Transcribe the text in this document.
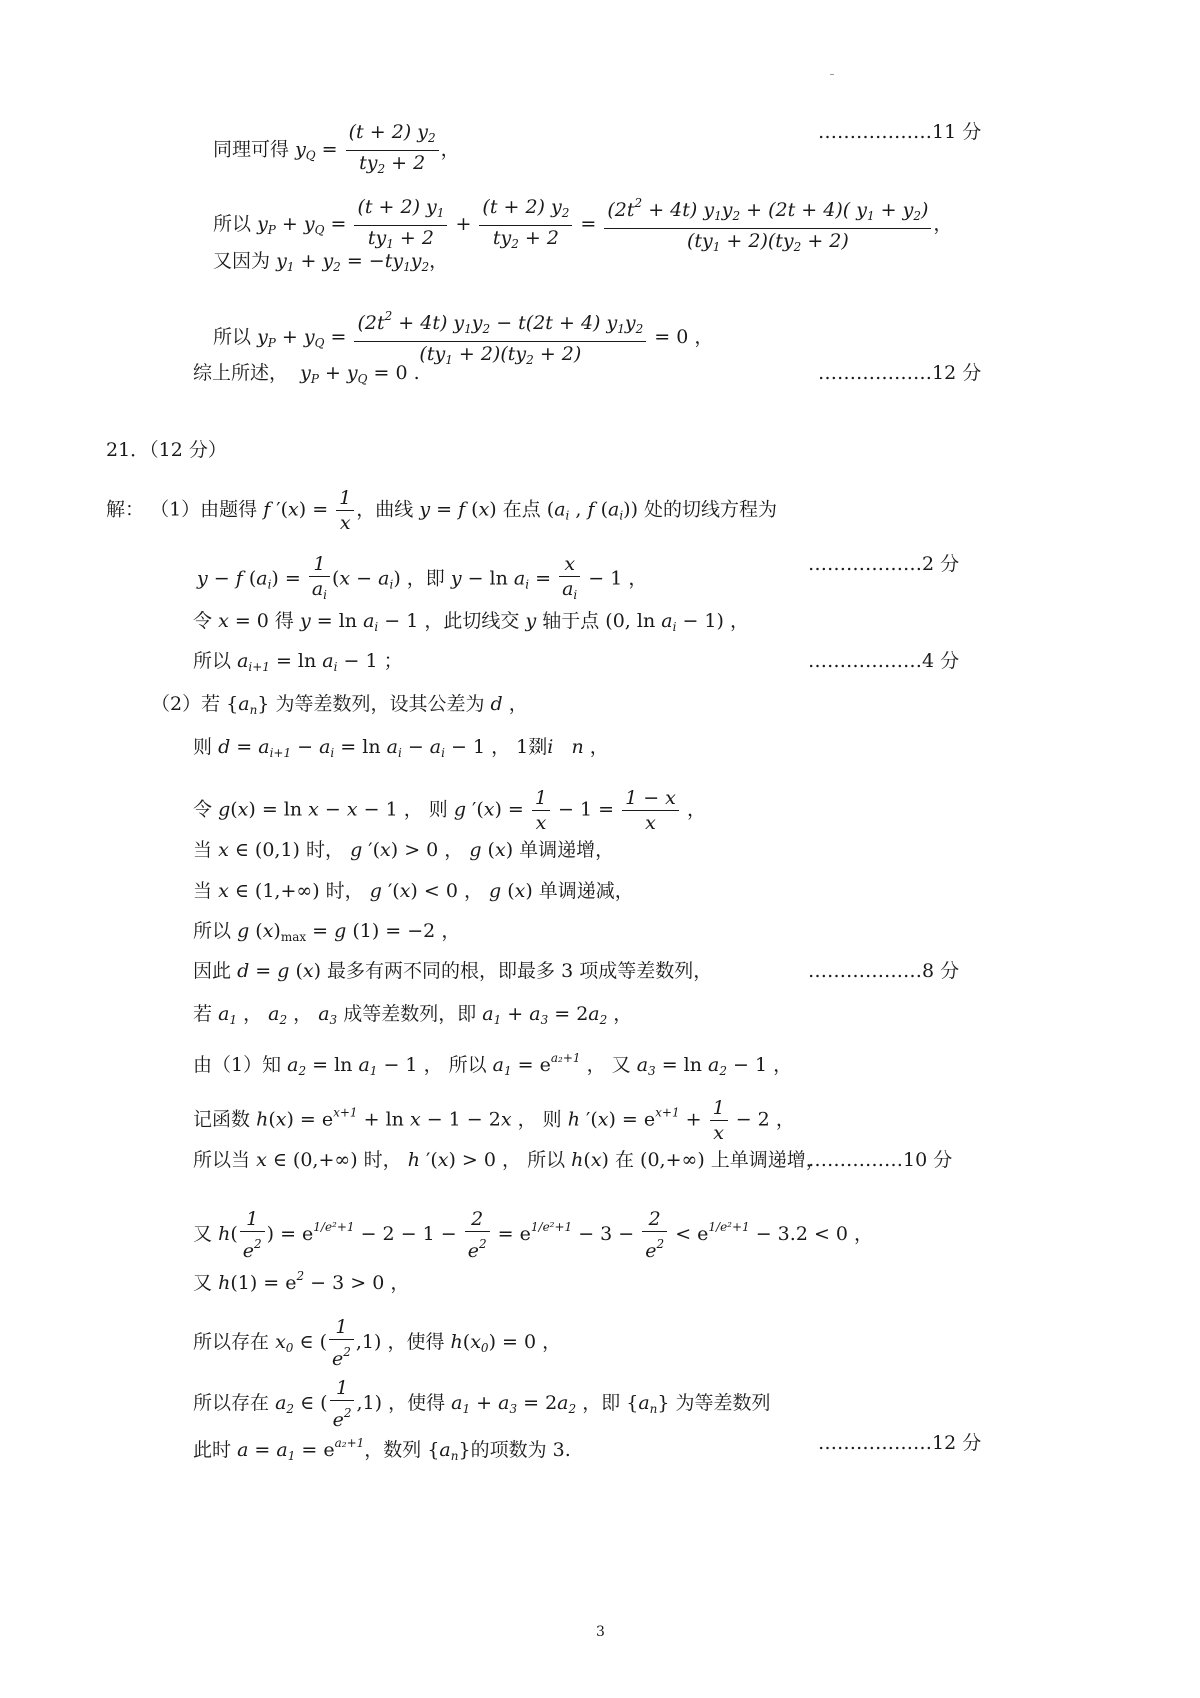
同理可得 $y_Q = \frac{(t + 2) y_2}{ty_2 + 2}$ ，
………………11 分
所以 $y_P + y_Q = \frac{(t + 2) y_1}{ty_1 + 2} + \frac{(t + 2) y_2}{ty_2 + 2} = \frac{(2t^2 + 4t) y_1y_2 + (2t + 4)( y_1 + y_2)}{(ty_1 + 2)(ty_2 + 2)}$ ，
又因为 $y_1 + y_2 = -ty_1y_2$，
所以 $y_P + y_Q = \frac{(2t^2 + 4t) y_1y_2 - t(2t + 4) y_1y_2}{(ty_1 + 2)(ty_2 + 2)} = 0$ ，
综上所述， $y_P + y_Q = 0$ .	………………12 分
21．（12 分）
解： （1）由题得 f $'(x) = \frac{1}{x}$ ，曲线 y = f (x) 在点 ($a_i$ , f $(a_i)$) 处的切线方程为
y − f $(a_i) = \frac{1}{a_i} (x - a_i)$ ，即 $y - \ln a_i = \frac{x}{a_i} - 1$ ，
………………2 分
令 x = 0 得 $y = \ln a_i - 1$ ，此切线交 y 轴于点 (0, $\ln a_i - 1$) ，
所以 $a_{i+1} = \ln a_i - 1$ ；	………………4 分
（2）若 $\{a_n\}$ 为等差数列，设其公差为 d ，
则 $d = a_{i+1} - a_i = \ln a_i - a_i - 1$ ， 1剟i n ，
令 g(x) = ln x − x − 1 ， 则 g $'(x) = \frac{1}{x} - 1 = \frac{1 - x}{x}$ ，
当 x ∈ (0,1) 时， g ′(x) > 0 ， g (x) 单调递增，
当 x ∈ (1,+∞) 时， g ′(x) < 0 ， g (x) 单调递减，
所以 g $(x)_{max} = g$ (1) = −2 ，
因此 d = g (x) 最多有两不同的根，即最多 3 项成等差数列，	………………8 分
若 $a_1$ ， $a_2$ ， $a_3$ 成等差数列，即 $a_1 + a_3 = 2a_2$ ，
由（1）知 $a_2 = \ln a_1 - 1$ ， 所以 $a_1 = e^{a_2+1}$ ， 又 $a_3 = \ln a_2 - 1$ ，
记函数 $h(x) = e^{x+1} + \ln x - 1 - 2x$ ， 则 h $'(x) = e^{x+1} + \frac{1}{x} - 2$ ，
所以当 x ∈ (0,+∞) 时， h ′(x) > 0 ， 所以 h(x) 在 (0,+∞) 上单调递增，
……………10 分
又 $h( \frac{1}{e^2}$ ) = $e^{1/e^2+1} - 2 - 1 - \frac{2}{e^2} = e^{1/e^2+1} - 3 - \frac{2}{e^2} < e^{1/e^2+1} - 3.2 < 0$ ，
又 $h(1) = e^2 - 3 > 0$ ，
所以存在 $x_0$ ∈ ( $\frac{1}{e^2} ,1$) ，使得 $h(x_0) = 0$ ，
所以存在 $a_2$ ∈ ( $\frac{1}{e^2} ,1$) ，使得 $a_1 + a_3 = 2a_2$ ，即 $\{a_n\}$ 为等差数列
此时 $a = a_1 = e^{a_2+1}$，数列 $\{a_n\}$的项数为 3.	………………12 分
3
